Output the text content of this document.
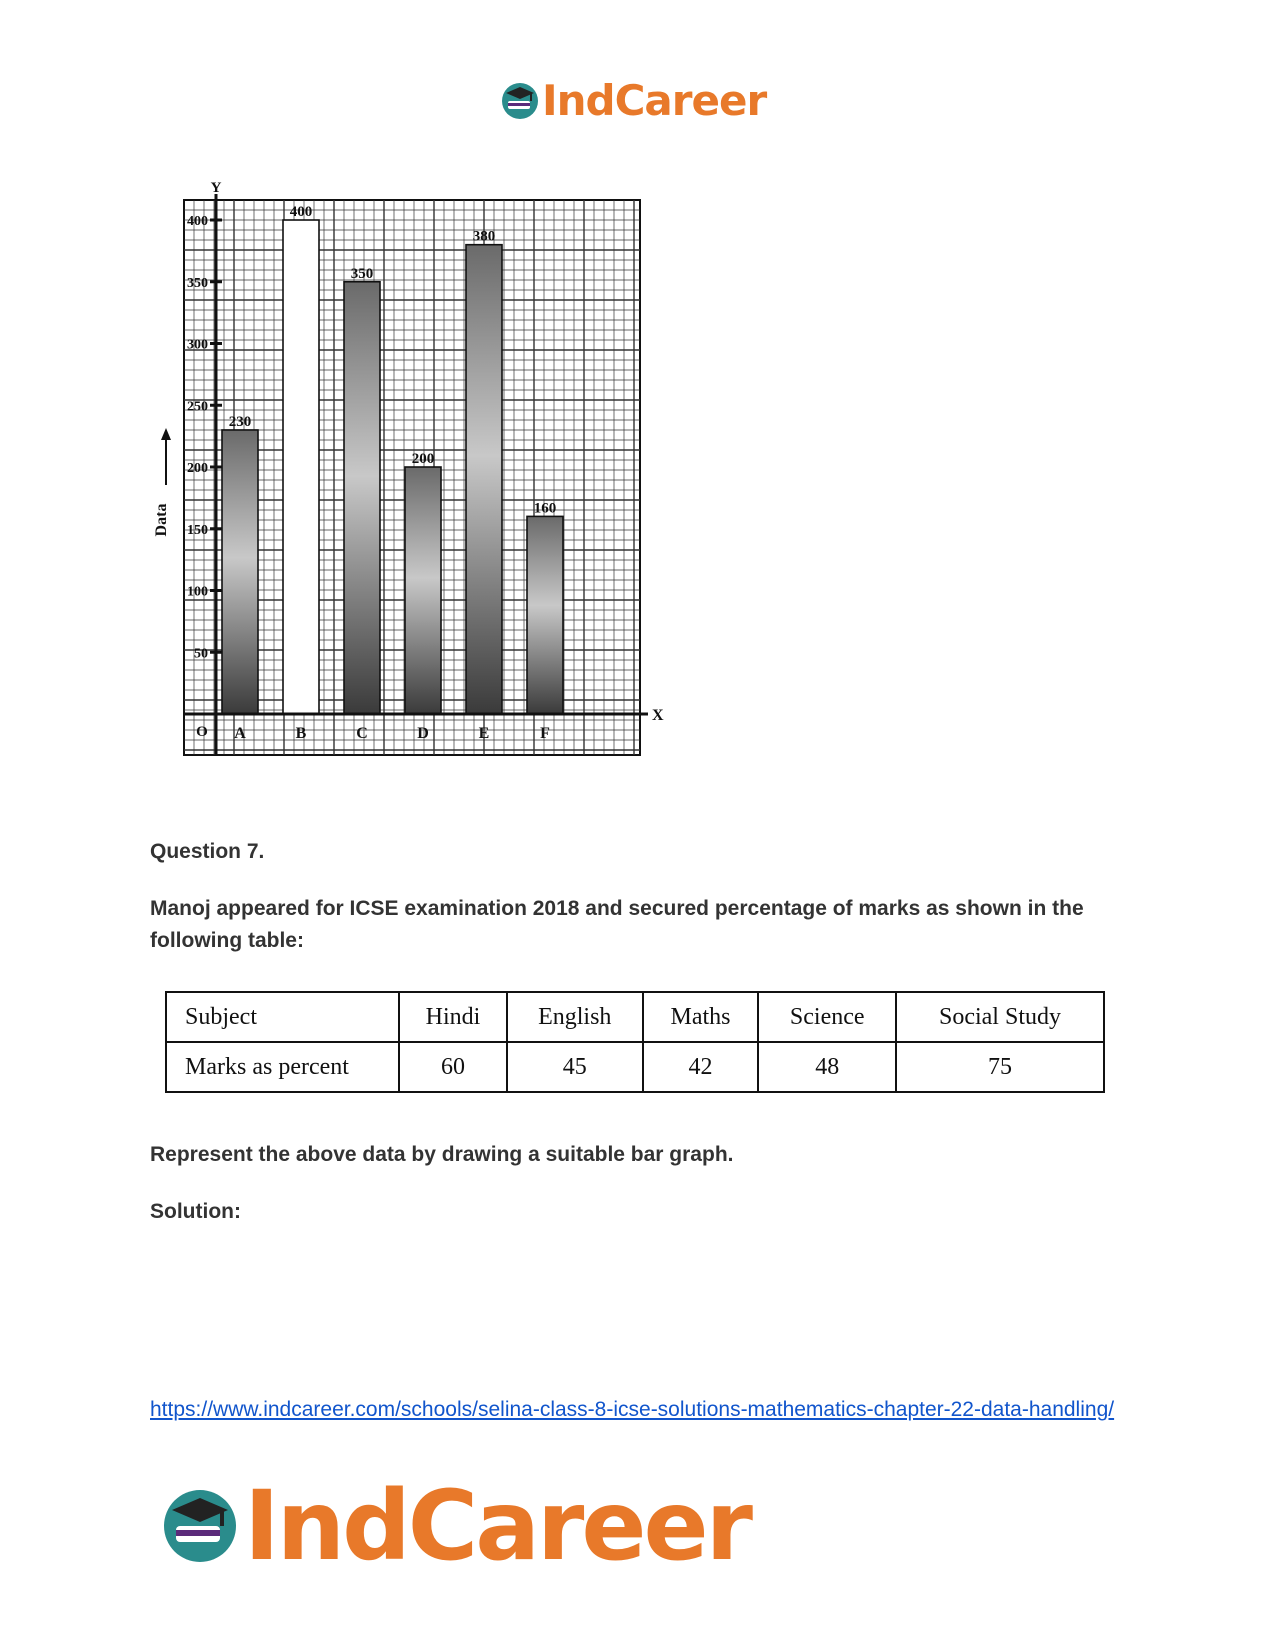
IndCareer
230
A
400
B
350
C
200
D
380
E
160
F
50
100
150
200
250
300
350
400
Y
X
O
Data
Question 7.
Manoj appeared for ICSE examination 2018 and secured percentage of marks as shown in the following table:
Subject	Hindi	English	Maths	Science	Social Study
Marks as percent	60	45	42	48	75
Represent the above data by drawing a suitable bar graph.
Solution:
https://www.indcareer.com/schools/selina-class-8-icse-solutions-mathematics-chapter-22-data-handling/
IndCareer
